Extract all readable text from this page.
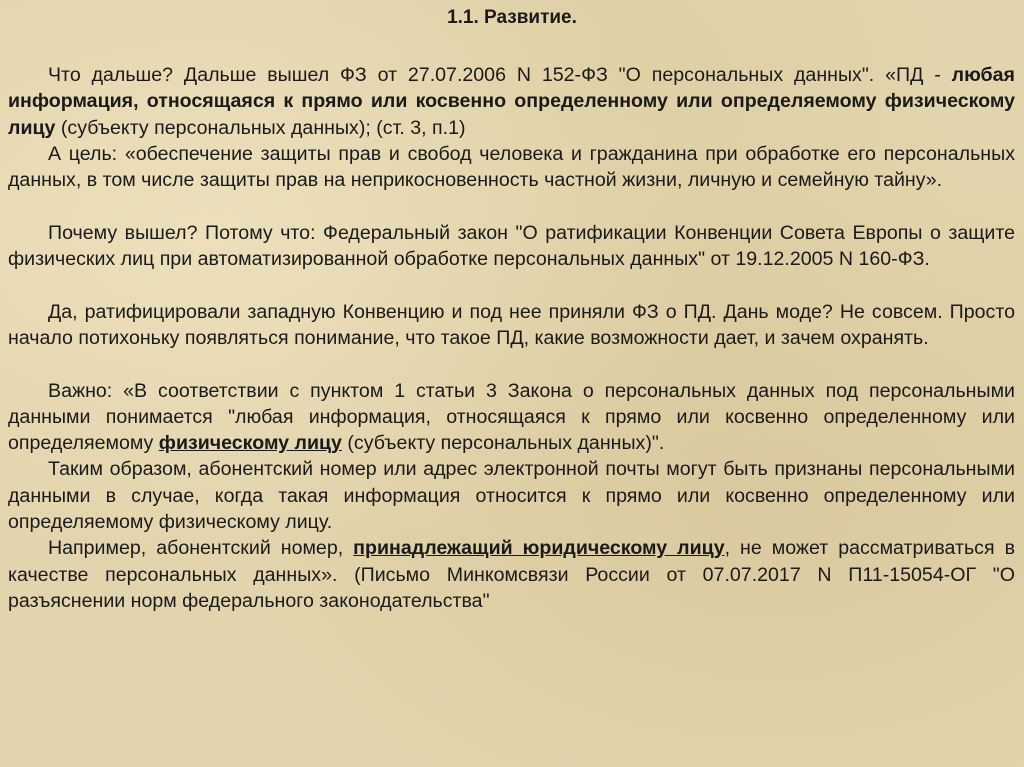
1.1. Развитие.

Что дальше? Дальше вышел ФЗ от 27.07.2006 N 152-ФЗ "О персональных данных". «ПД - любая информация, относящаяся к прямо или косвенно определенному или определяемому физическому лицу (субъекту персональных данных); (ст. 3, п.1)

А цель: «обеспечение защиты прав и свобод человека и гражданина при обработке его персональных данных, в том числе защиты прав на неприкосновенность частной жизни, личную и семейную тайну».

Почему вышел? Потому что: Федеральный закон "О ратификации Конвенции Совета Европы о защите физических лиц при автоматизированной обработке персональных данных" от 19.12.2005 N 160-ФЗ.

Да, ратифицировали западную Конвенцию и под нее приняли ФЗ о ПД. Дань моде? Не совсем. Просто начало потихоньку появляться понимание, что такое ПД, какие возможности дает, и зачем охранять.

Важно: «В соответствии с пунктом 1 статьи 3 Закона о персональных данных под персональными данными понимается "любая информация, относящаяся к прямо или косвенно определенному или определяемому физическому лицу (субъекту персональных данных)".

Таким образом, абонентский номер или адрес электронной почты могут быть признаны персональными данными в случае, когда такая информация относится к прямо или косвенно определенному или определяемому физическому лицу.

Например, абонентский номер, принадлежащий юридическому лицу, не может рассматриваться в качестве персональных данных». (Письмо Минкомсвязи России от 07.07.2017 N П11-15054-ОГ "О разъяснении норм федерального законодательства"
